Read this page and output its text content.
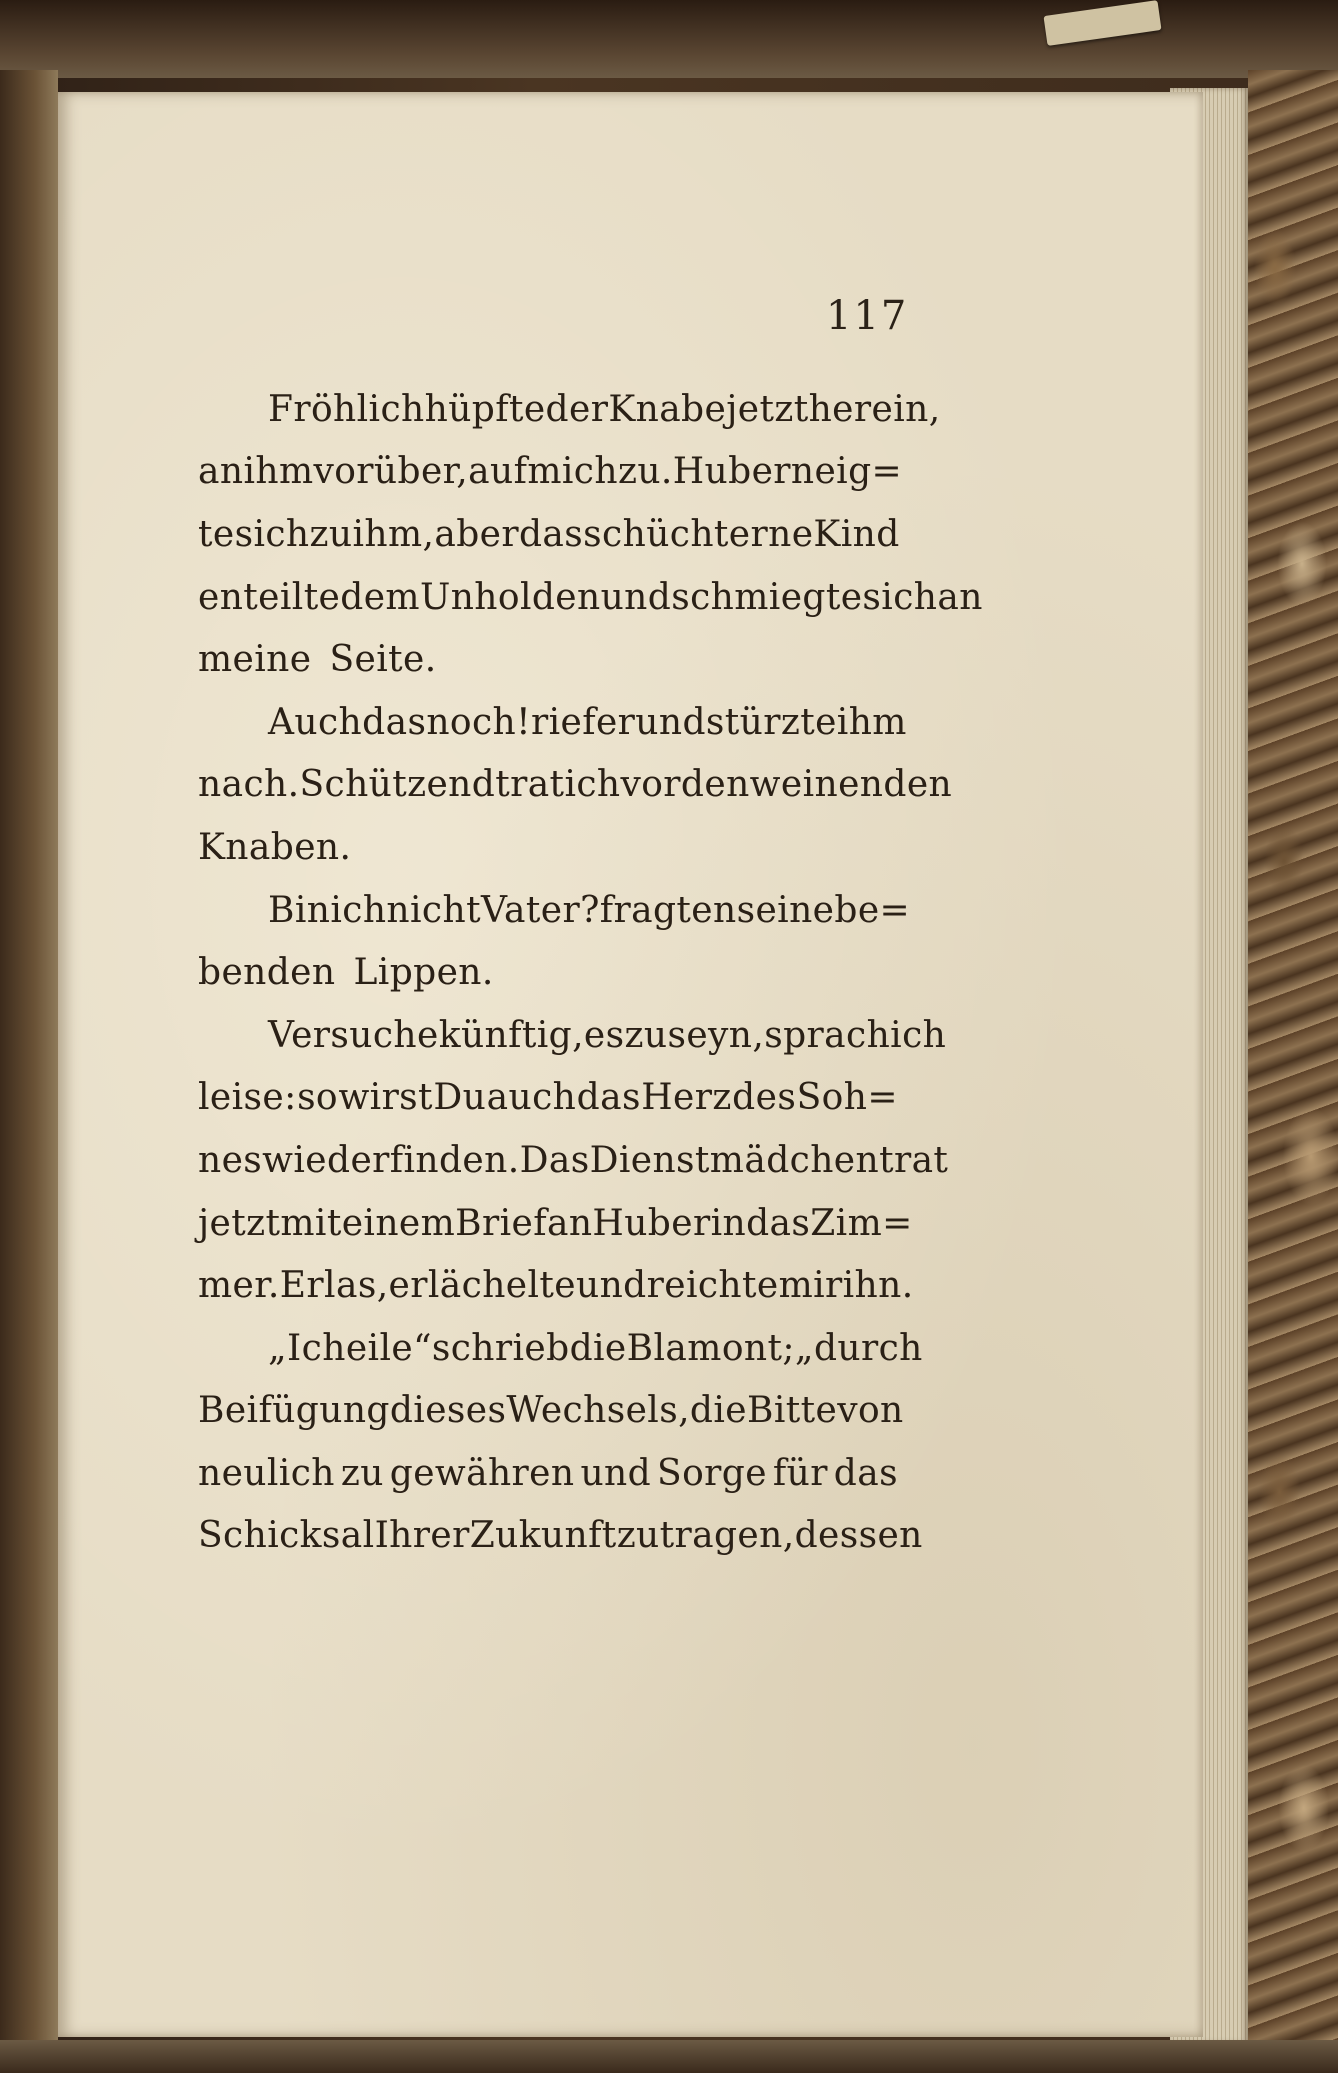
117
Fröhlich hüpfte der Knabe jetzt herein,
an ihm vorüber, auf mich zu. Huber neig=
te sich zu ihm, aber das schüchterne Kind
enteilte dem Unholden und schmiegte sich an
meine Seite.
Auch das noch! rief er und stürzte ihm
nach. Schützend trat ich vor den weinenden
Knaben.
Bin ich nicht Vater? fragten seine be=
benden Lippen.
Versuche künftig, es zu seyn, sprach ich
leise: so wirst Du auch das Herz des Soh=
nes wiederfinden. Das Dienstmädchen trat
jetzt mit einem Brief an Huber in das Zim=
mer. Er las, er lächelte und reichte mir ihn.
„Ich eile“ schrieb die Blamont; „durch
Beifügung dieses Wechsels, die Bitte von
neulich zu gewähren und Sorge für das
Schicksal Ihrer Zukunft zu tragen, dessen
